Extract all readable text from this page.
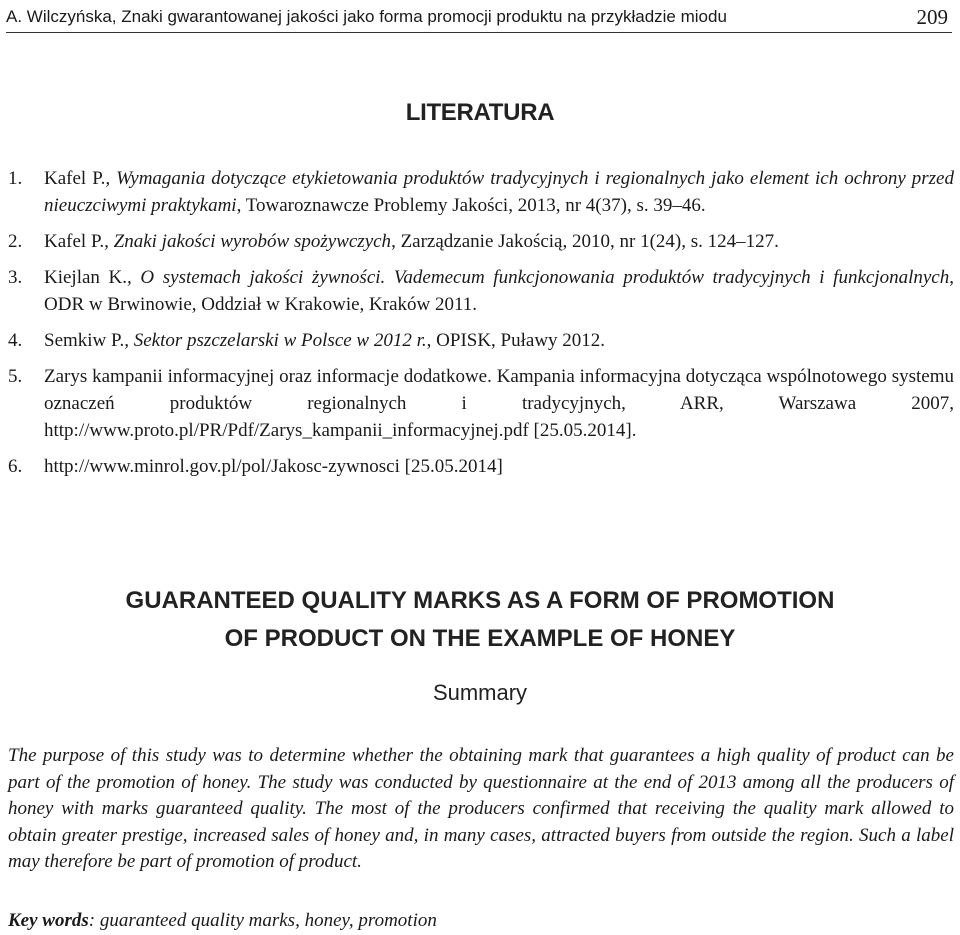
A. Wilczyńska, Znaki gwarantowanej jakości jako forma promocji produktu na przykładzie miodu	209
LITERATURA
1.	Kafel P., Wymagania dotyczące etykietowania produktów tradycyjnych i regionalnych jako element ich ochrony przed nieuczciwymi praktykami, Towaroznawcze Problemy Jakości, 2013, nr 4(37), s. 39–46.
2.	Kafel P., Znaki jakości wyrobów spożywczych, Zarządzanie Jakością, 2010, nr 1(24), s. 124–127.
3.	Kiejlan K., O systemach jakości żywności. Vademecum funkcjonowania produktów tradycyjnych i funkcjonalnych, ODR w Brwinowie, Oddział w Krakowie, Kraków 2011.
4.	Semkiw P., Sektor pszczelarski w Polsce w 2012 r., OPISK, Puławy 2012.
5.	Zarys kampanii informacyjnej oraz informacje dodatkowe. Kampania informacyjna dotycząca wspólnotowego systemu oznaczeń produktów regionalnych i tradycyjnych, ARR, Warszawa 2007, http://www.proto.pl/PR/Pdf/Zarys_kampanii_informacyjnej.pdf [25.05.2014].
6.	http://www.minrol.gov.pl/pol/Jakosc-zywnosci [25.05.2014]
GUARANTEED QUALITY MARKS AS A FORM OF PROMOTION
OF PRODUCT ON THE EXAMPLE OF HONEY
Summary
The purpose of this study was to determine whether the obtaining mark that guarantees a high quality of product can be part of the promotion of honey. The study was conducted by questionnaire at the end of 2013 among all the producers of honey with marks guaranteed quality. The most of the producers confirmed that receiving the quality mark allowed to obtain greater prestige, increased sales of honey and, in many cases, attracted buyers from outside the region. Such a label may therefore be part of promotion of product.
Key words: guaranteed quality marks, honey, promotion
